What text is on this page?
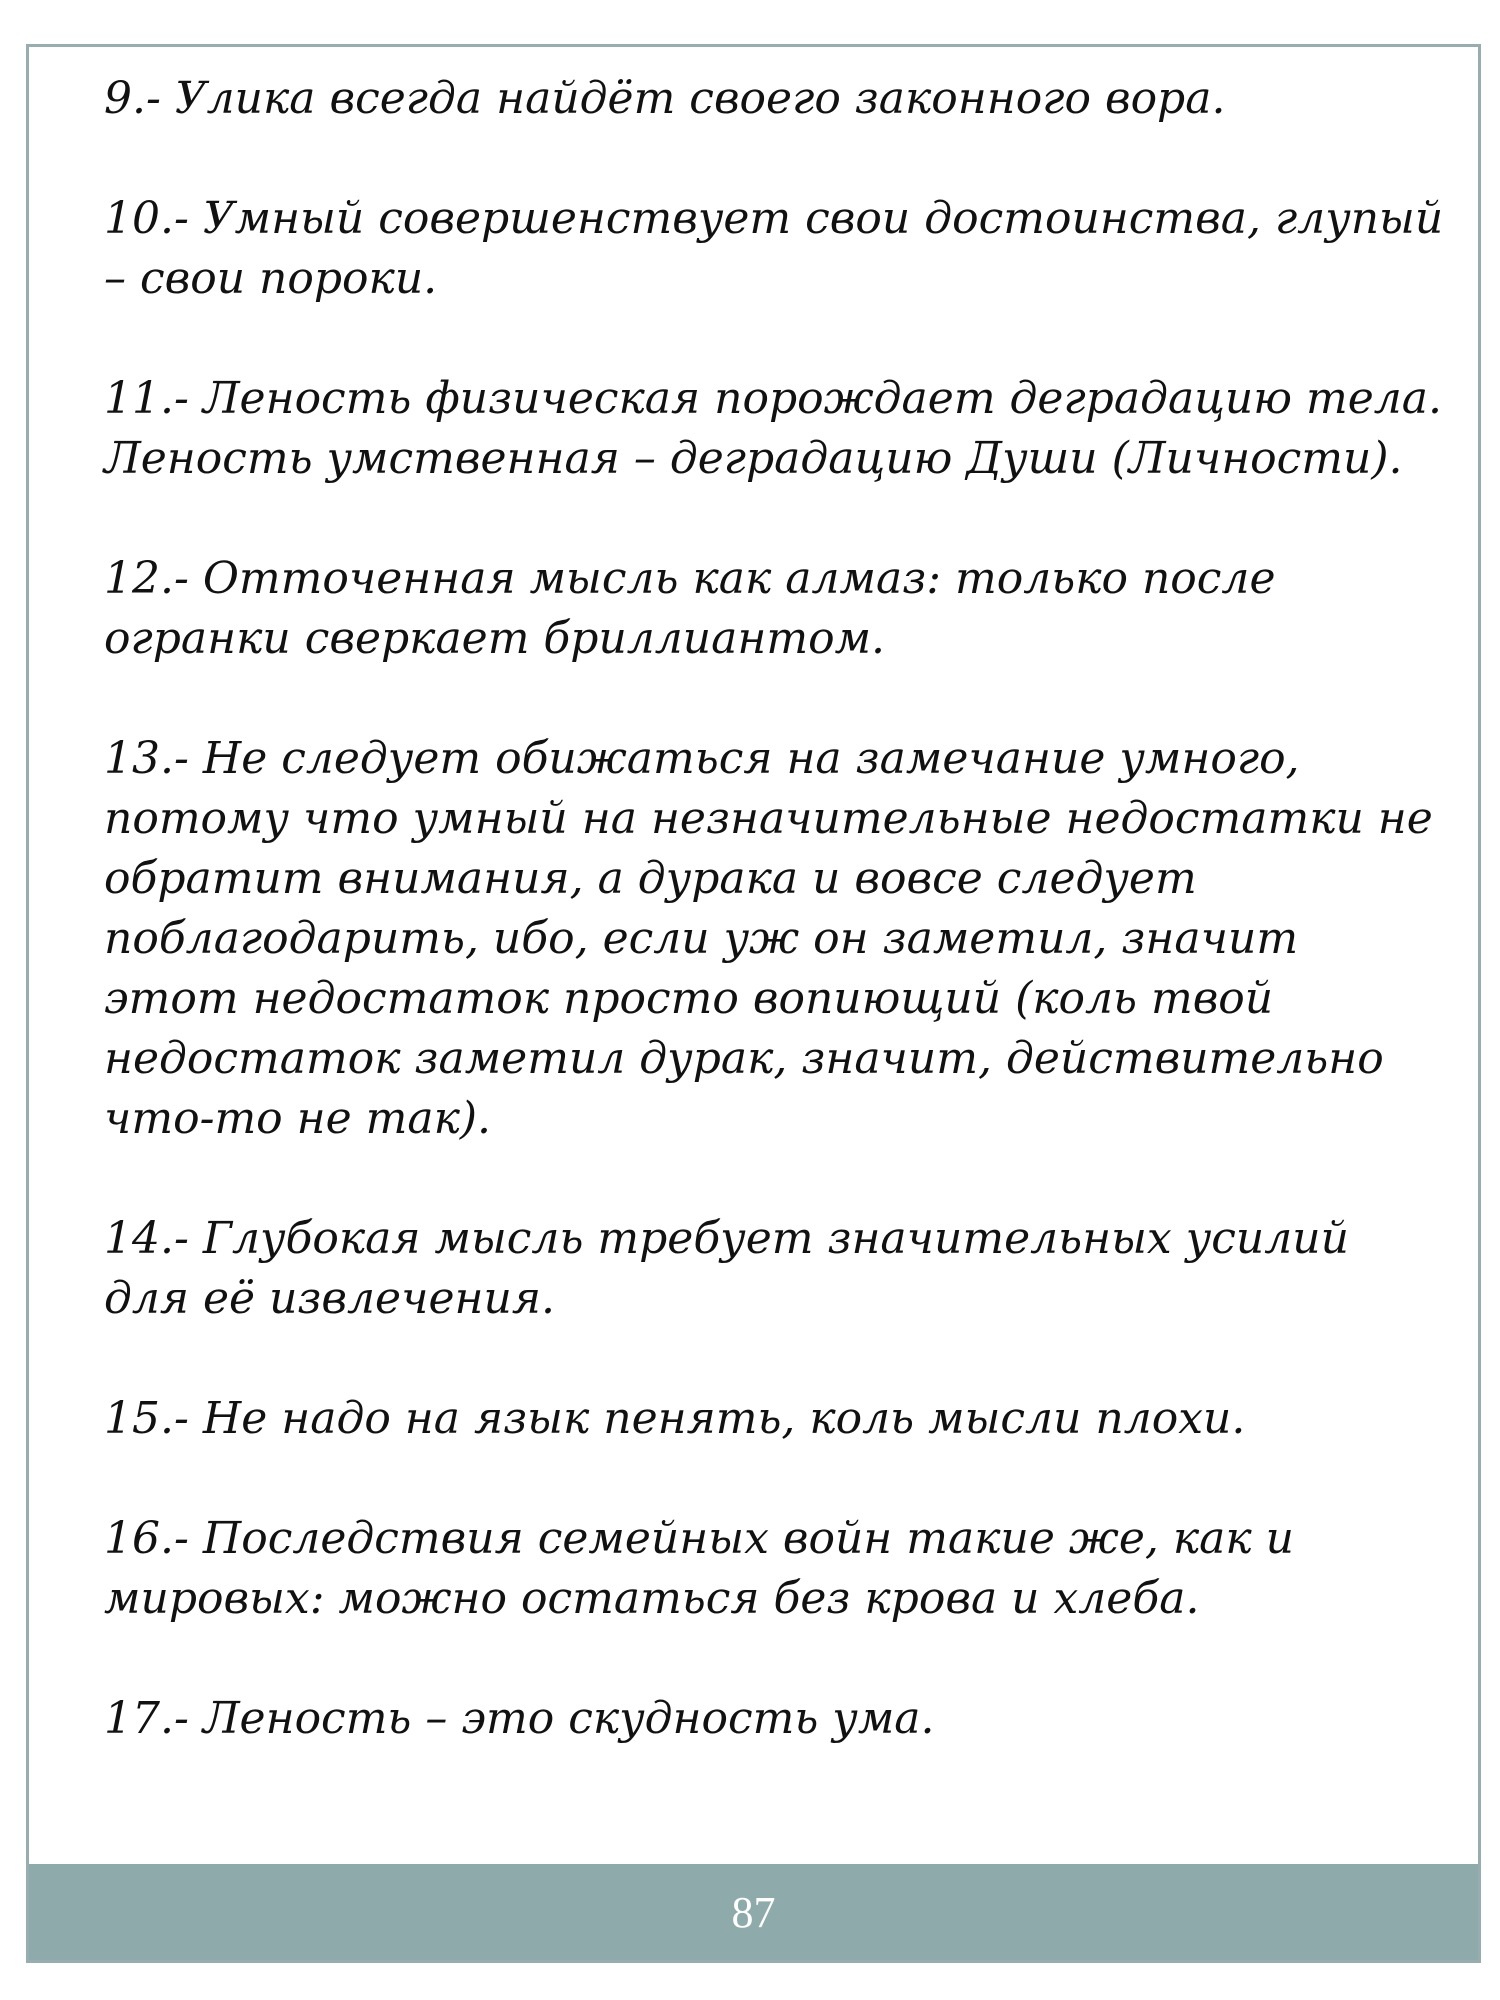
9.- Улика всегда найдёт своего законного вора.

10.- Умный совершенствует свои достоинства, глупый – свои пороки.

11.- Леность физическая порождает деградацию тела. Леность умственная – деградацию Души (Личности).

12.- Отточенная мысль как алмаз: только после огранки сверкает бриллиантом.

13.- Не следует обижаться на замечание умного, потому что умный на незначительные недостатки не обратит внимания, а дурака и вовсе следует поблагодарить, ибо, если уж он заметил, значит этот недостаток просто вопиющий (коль твой недостаток заметил дурак, значит, действительно что-то не так).

14.- Глубокая мысль требует значительных усилий для её извлечения.

15.- Не надо на язык пенять, коль мысли плохи.

16.- Последствия семейных войн такие же, как и мировых: можно остаться без крова и хлеба.

17.- Леность – это скудность ума.

87
